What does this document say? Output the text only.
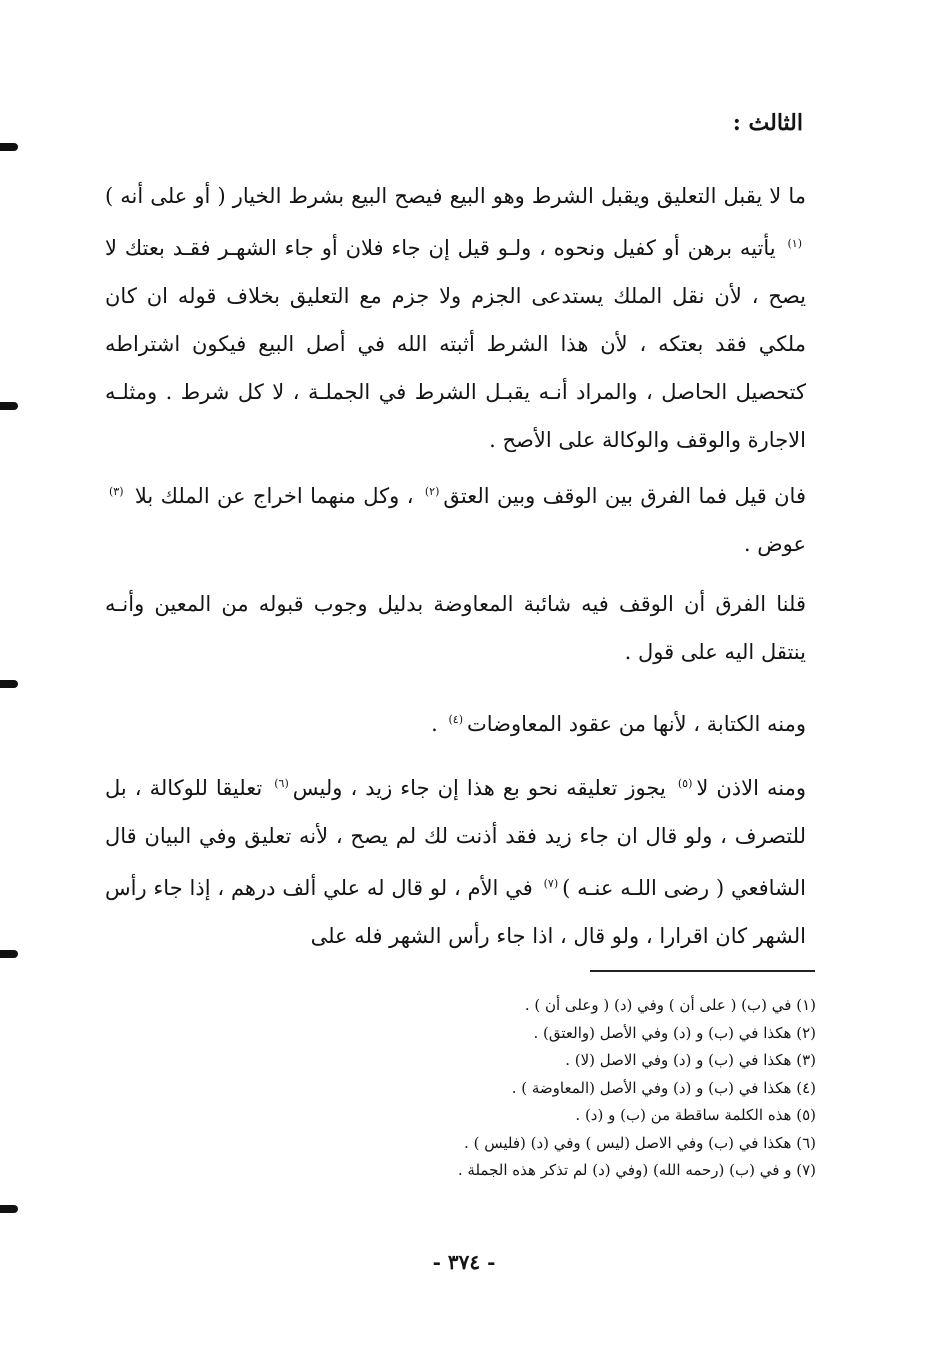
الثالث :
ما لا يقبل التعليق ويقبل الشرط وهو البيع فيصح البيع بشرط الخيار ( أو على أنه )$^{(١)}$ يأتيه برهن أو كفيل ونحوه ، ولـو قيل إن جاء فلان أو جاء الشهـر فقـد بعتك لا يصح ، لأن نقل الملك يستدعى الجزم ولا جزم مع التعليق بخلاف قوله ان كان ملكي فقد بعتكه ، لأن هذا الشرط أثبته الله في أصل البيع فيكون اشتراطه كتحصيل الحاصل ، والمراد أنـه يقبـل الشرط في الجملـة ، لا كل شرط . ومثلـه الاجارة والوقف والوكالة على الأصح .
فان قيل فما الفرق بين الوقف وبين العتق$^{(٢)}$ ، وكل منهما اخراج عن الملك بلا $^{(٣)}$ عوض .
قلنا الفرق أن الوقف فيه شائبة المعاوضة بدليل وجوب قبوله من المعين وأنـه ينتقل اليه على قول .
ومنه الكتابة ، لأنها من عقود المعاوضات$^{(٤)}$ .
ومنه الاذن لا$^{(٥)}$ يجوز تعليقه نحو بع هذا إن جاء زيد ، وليس$^{(٦)}$ تعليقا للوكالة ، بل للتصرف ، ولو قال ان جاء زيد فقد أذنت لك لم يصح ، لأنه تعليق وفي البيان قال الشافعي ( رضى اللـه عنـه )$^{(٧)}$ في الأم ، لو قال له علي ألف درهم ، إذا جاء رأس الشهر كان اقرارا ، ولو قال ، اذا جاء رأس الشهر فله على
(١) في (ب) ( على أن ) وفي (د) ( وعلى أن ) .
(٢) هكذا في (ب) و (د) وفي الأصل (والعتق) .
(٣) هكذا في (ب) و (د) وفي الاصل (لا) .
(٤) هكذا في (ب) و (د) وفي الأصل (المعاوضة ) .
(٥) هذه الكلمة ساقطة من (ب) و (د) .
(٦) هكذا في (ب) وفي الاصل (ليس ) وفي (د) (فليس ) .
(٧) و في (ب) (رحمه الله) (وفي (د) لم تذكر هذه الجملة .
- ٣٧٤ -
